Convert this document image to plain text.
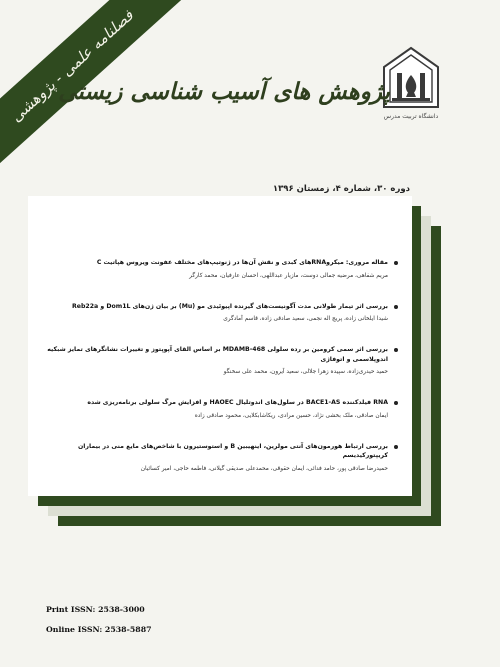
فصلنامه علمی - پژوهشی	دانشگاه تربیت مدرس
پژوهش های آسیب شناسی زیستی
دوره ۳۰، شماره ۴، زمستان ۱۳۹۶
مقاله مروری: میکروRNAهای کبدی و نقش آن‌ها در ژنوتیپ‌های مختلف عفونت ویروس هپاتیت C
مریم شفاهی، مرضیه جمالی دوست، مازیار عبداللهی، احسان عارفیان، محمد کارگر
بررسی اثر تیمار طولانی مدت آگونیست‌های گیرنده اپیوئیدی مو (Mu) بر بیان ژن‌های Dom1L و Reb22a
شیدا ایلخانی زاده، پریچ اله نجمی، سعید صادقی زاده، قاسم آمادگری
بررسی اثر سمی کرومین بر رده سلولی MDAMB-468 بر اساس القای آپوپتوز و تغییرات نشانگرهای تمایز شبکیه اندوپلاسمی و اتوفاژی
حمید حیدری‌زاده، سپیده زهرا جلالی، سعید آیرون، محمد علی سخنگو
RNA فیلدکننده BACE1-AS در سلول‌های اندوتلیال HAOEC و افزایش مرگ سلولی برنامه‌ریزی شده
ایمان صادقی، ملک بخشی نژاد، حسین مرادی، ریکاشابکلایی، محمود صادقی زاده
بررسی ارتباط هورمون‌های آنتی مولرین، اینهیبین B و استوستیرون با شاخص‌های مایع منی در بیماران کریپتورکیدیسم
حمیدرضا صادقی پور، حامد فدائی، ایمان حقوقی، محمدعلی صدیقی گیلانی، فاطمه حاجی، امیر کسائیان
Print ISSN: 2538-3000
Online ISSN: 2538-5887
